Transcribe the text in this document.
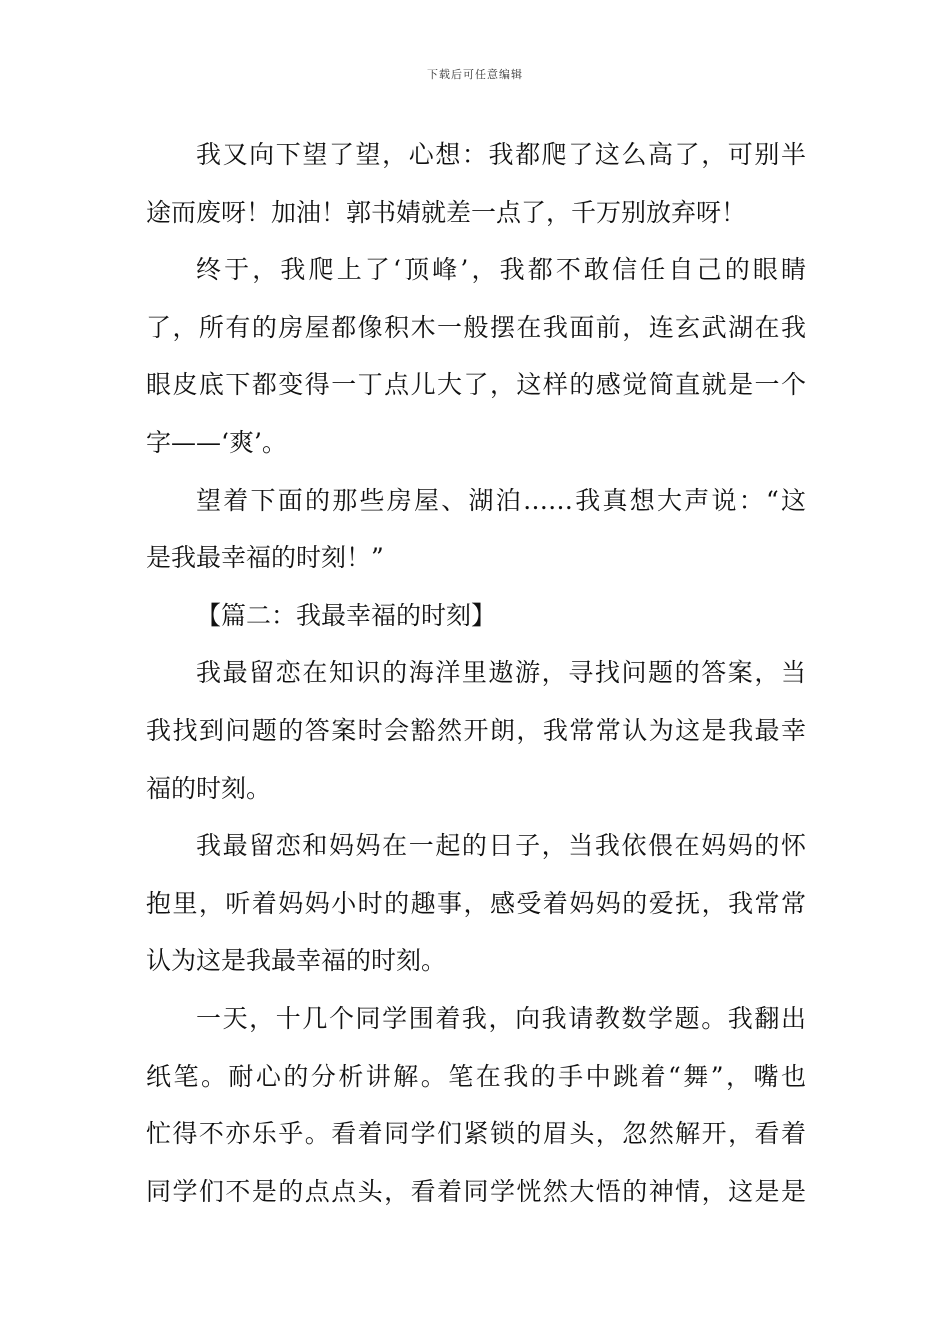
下载后可任意编辑
我又向下望了望，心想：我都爬了这么高了，可别半
途而废呀！加油！郭书婧就差一点了，千万别放弃呀！
终于，我爬上了‘顶峰’，我都不敢信任自己的眼睛
了，所有的房屋都像积木一般摆在我面前，连玄武湖在我
眼皮底下都变得一丁点儿大了，这样的感觉简直就是一个
字——‘爽’。
望着下面的那些房屋、湖泊……我真想大声说：“这
是我最幸福的时刻！”
【篇二：我最幸福的时刻】
我最留恋在知识的海洋里遨游，寻找问题的答案，当
我找到问题的答案时会豁然开朗，我常常认为这是我最幸
福的时刻。
我最留恋和妈妈在一起的日子，当我依偎在妈妈的怀
抱里，听着妈妈小时的趣事，感受着妈妈的爱抚，我常常
认为这是我最幸福的时刻。
一天，十几个同学围着我，向我请教数学题。我翻出
纸笔。耐心的分析讲解。笔在我的手中跳着“舞”，嘴也
忙得不亦乐乎。看着同学们紧锁的眉头，忽然解开，看着
同学们不是的点点头，看着同学恍然大悟的神情，这是是
